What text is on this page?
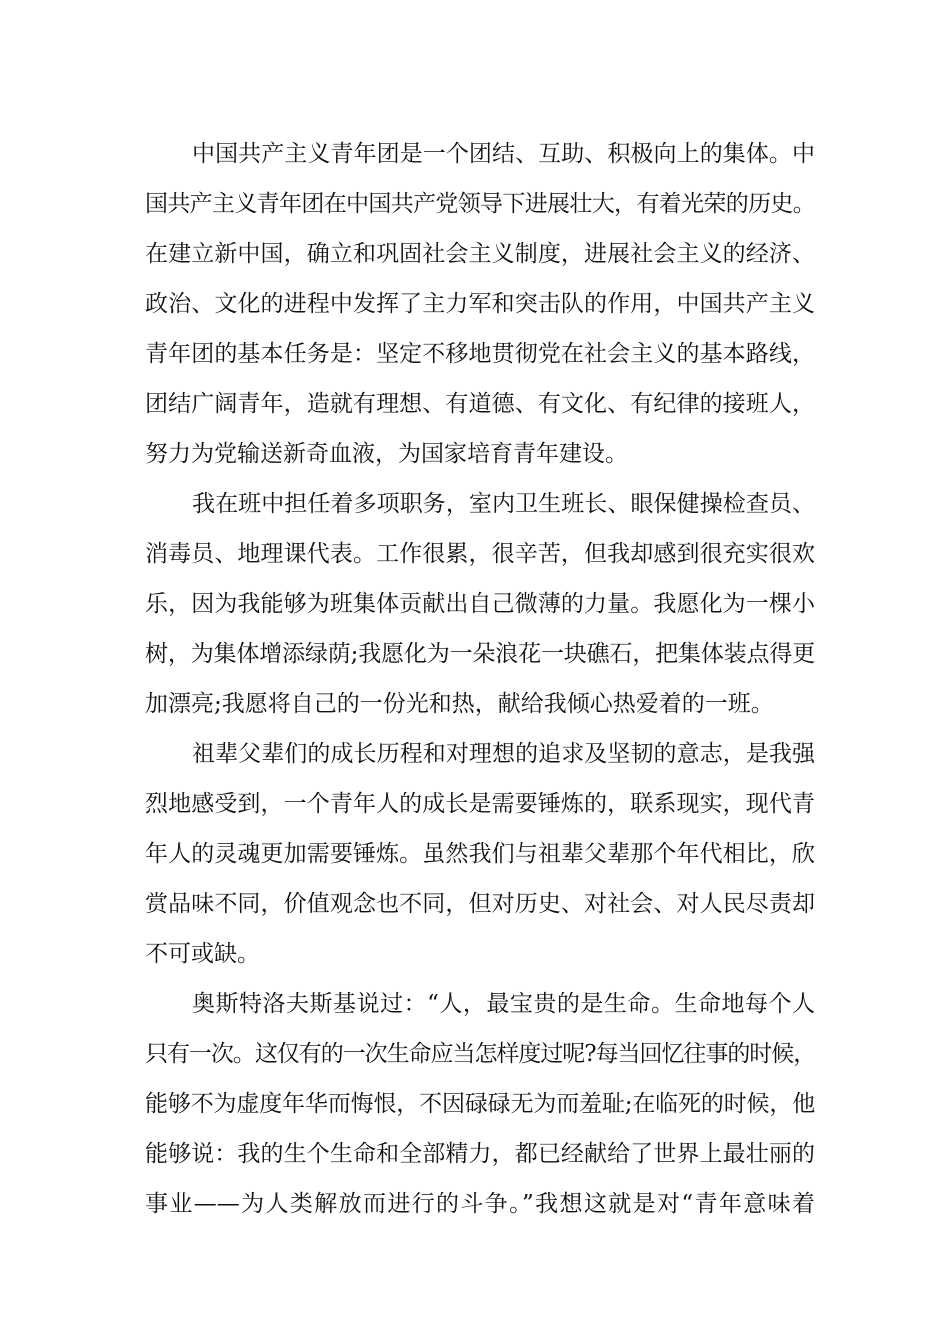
中国共产主义青年团是一个团结、互助、积极向上的集体。中
国共产主义青年团在中国共产党领导下进展壮大，有着光荣的历史。
在建立新中国，确立和巩固社会主义制度，进展社会主义的经济、
政治、文化的进程中发挥了主力军和突击队的作用，中国共产主义
青年团的基本任务是：坚定不移地贯彻党在社会主义的基本路线，
团结广阔青年，造就有理想、有道德、有文化、有纪律的接班人，
努力为党输送新奇血液，为国家培育青年建设。
我在班中担任着多项职务，室内卫生班长、眼保健操检查员、
消毒员、地理课代表。工作很累，很辛苦，但我却感到很充实很欢
乐，因为我能够为班集体贡献出自己微薄的力量。我愿化为一棵小
树，为集体增添绿荫;我愿化为一朵浪花一块礁石，把集体装点得更
加漂亮;我愿将自己的一份光和热，献给我倾心热爱着的一班。
祖辈父辈们的成长历程和对理想的追求及坚韧的意志，是我强
烈地感受到，一个青年人的成长是需要锤炼的，联系现实，现代青
年人的灵魂更加需要锤炼。虽然我们与祖辈父辈那个年代相比，欣
赏品味不同，价值观念也不同，但对历史、对社会、对人民尽责却
不可或缺。
奥斯特洛夫斯基说过：“人，最宝贵的是生命。生命地每个人
只有一次。这仅有的一次生命应当怎样度过呢?每当回忆往事的时候，
能够不为虚度年华而悔恨，不因碌碌无为而羞耻;在临死的时候，他
能够说：我的生个生命和全部精力，都已经献给了世界上最壮丽的
事业——为人类解放而进行的斗争。”我想这就是对“青年意味着
